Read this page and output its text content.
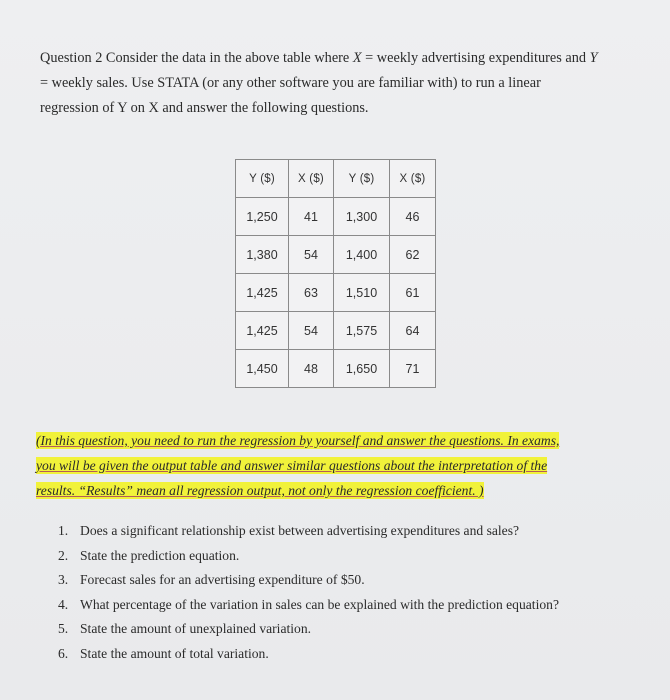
Question 2 Consider the data in the above table where X = weekly advertising expenditures and Y

= weekly sales. Use STATA (or any other software you are familiar with) to run a linear

regression of Y on X and answer the following questions.

Y ($)	X ($)	Y ($)	X ($)
1,250	41	1,300	46
1,380	54	1,400	62
1,425	63	1,510	61
1,425	54	1,575	64
1,450	48	1,650	71
(In this question, you need to run the regression by yourself and answer the questions. In exams,
you will be given the output table and answer similar questions about the interpretation of the
results. “Results” mean all regression output, not only the regression coefficient. )
1. Does a significant relationship exist between advertising expenditures and sales?
2. State the prediction equation.
3. Forecast sales for an advertising expenditure of $50.
4. What percentage of the variation in sales can be explained with the prediction equation?
5. State the amount of unexplained variation.
6. State the amount of total variation.
